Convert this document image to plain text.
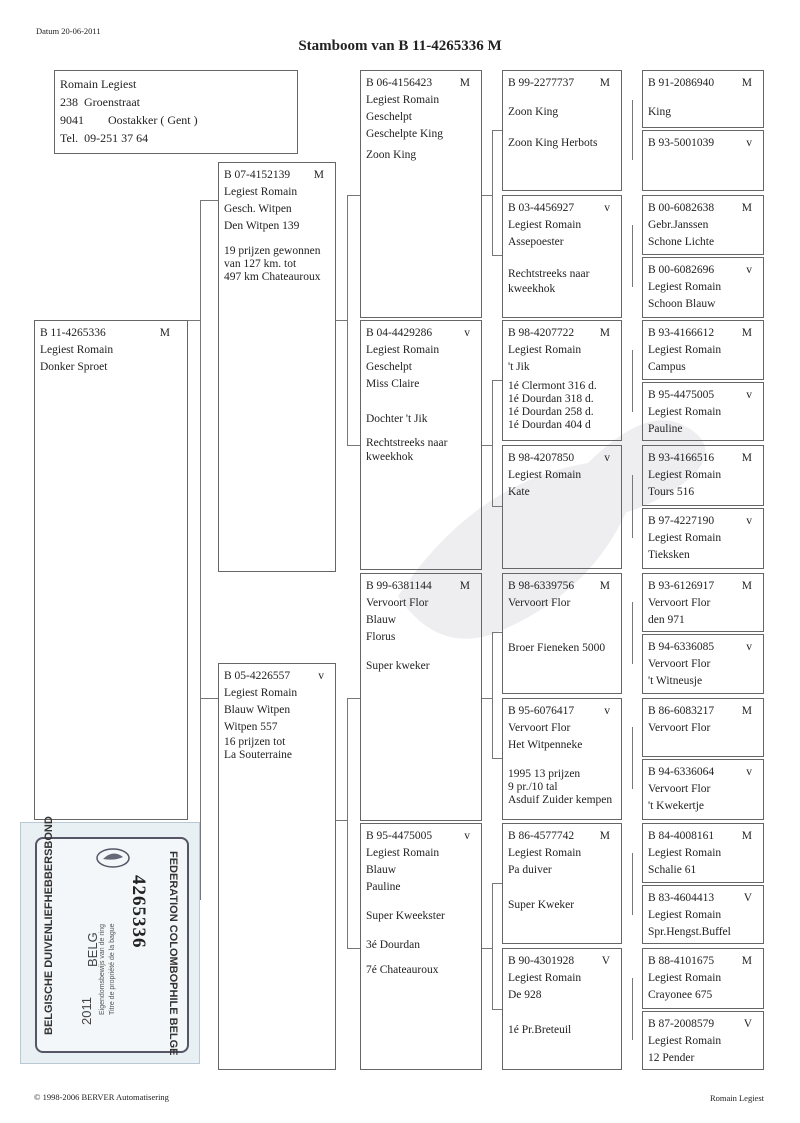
Datum 20-06-2011
Stamboom van B 11-4265336 M
Romain Legiest
238  Groenstraat
9041        Oostakker ( Gent )
Tel.  09-251 37 64
B 11-4265336	M
Legiest Romain
Donker Sproet
B 07-4152139 M
Legiest Romain
Gesch. Witpen
Den Witpen 139
19 prijzen gewonnen
van 127 km. tot
497 km Chateauroux
B 05-4226557 v
Legiest Romain
Blauw Witpen
Witpen 557
16 prijzen tot
La Souterraine
B 06-4156423 M
Legiest Romain
Geschelpt
Geschelpte King
Zoon King
B 04-4429286	v
Legiest Romain
Geschelpt
Miss Claire
Dochter 't Jik
Rechtstreeks naar
kweekhok
B 99-6381144 M
Vervoort Flor
Blauw
Florus
Super kweker
B 95-4475005	v
Legiest Romain
Blauw
Pauline
Super Kweekster
3é Dourdan
7é Chateauroux
B 99-2277737 M
Zoon King
Zoon King Herbots
B 03-4456927	v
Legiest Romain
Assepoester
Rechtstreeks naar
kweekhok
B 98-4207722 M
Legiest Romain
't Jik
1é Clermont 316 d.
1é Dourdan 318 d.
1é Dourdan 258 d.
1é Dourdan 404 d
B 98-4207850	v
Legiest Romain
Kate
B 98-6339756 M
Vervoort Flor
Broer Fieneken 5000
B 95-6076417	v
Vervoort Flor
Het Witpenneke
1995 13 prijzen
9 pr./10 tal
Asduif Zuider kempen
B 86-4577742 M
Legiest Romain
Pa duiver
Super Kweker
B 90-4301928 V
Legiest Romain
De 928
1é Pr.Breteuil
B 91-2086940 M
King
B 93-5001039	v
B 00-6082638 M
Gebr.Janssen
Schone Lichte
B 00-6082696	v
Legiest Romain
Schoon Blauw
B 93-4166612 M
Legiest Romain
Campus
B 95-4475005	v
Legiest Romain
Pauline
B 93-4166516 M
Legiest Romain
Tours 516
B 97-4227190	v
Legiest Romain
Tieksken
B 93-6126917 M
Vervoort Flor
den 971
B 94-6336085	v
Vervoort Flor
't Witneusje
B 86-6083217 M
Vervoort Flor
B 94-6336064	v
Vervoort Flor
't Kwekertje
B 84-4008161 M
Legiest Romain
Schalie 61
B 83-4604413	V
Legiest Romain
Spr.Hengst.Buffel
B 88-4101675 M
Legiest Romain
Crayonee 675
B 87-2008579	V
Legiest Romain
12 Pender
BELGISCHE DUIVENLIEFHEBBERSBOND	FEDERATION COLOMBOPHILE BELGE
2011
BELG Eigendomsbewijs van de ring Titre de propriété de la bague
4265336
© 1998-2006 BERVER Automatisering	Romain Legiest
